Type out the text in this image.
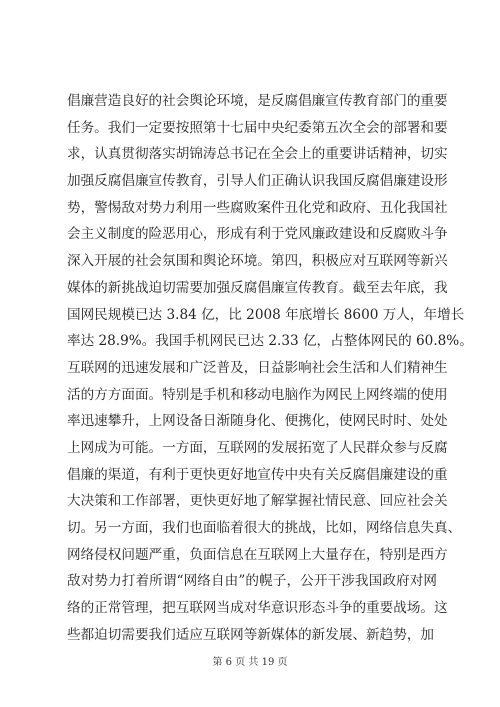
倡廉营造良好的社会舆论环境，是反腐倡廉宣传教育部门的重要
任务。我们一定要按照第十七届中央纪委第五次全会的部署和要
求，认真贯彻落实胡锦涛总书记在全会上的重要讲话精神，切实
加强反腐倡廉宣传教育，引导人们正确认识我国反腐倡廉建设形
势，警惕敌对势力利用一些腐败案件丑化党和政府、丑化我国社
会主义制度的险恶用心，形成有利于党风廉政建设和反腐败斗争
深入开展的社会氛围和舆论环境。第四，积极应对互联网等新兴
媒体的新挑战迫切需要加强反腐倡廉宣传教育。截至去年底，我
国网民规模已达 3.84 亿，比 2008 年底增长 8600 万人，年增长
率达 28.9%。我国手机网民已达 2.33 亿，占整体网民的 60.8%。
互联网的迅速发展和广泛普及，日益影响社会生活和人们精神生
活的方方面面。特别是手机和移动电脑作为网民上网终端的使用
率迅速攀升，上网设备日渐随身化、便携化，使网民时时、处处
上网成为可能。一方面，互联网的发展拓宽了人民群众参与反腐
倡廉的渠道，有利于更快更好地宣传中央有关反腐倡廉建设的重
大决策和工作部署，更快更好地了解掌握社情民意、回应社会关
切。另一方面，我们也面临着很大的挑战，比如，网络信息失真、
网络侵权问题严重，负面信息在互联网上大量存在，特别是西方
敌对势力打着所谓“网络自由”的幌子，公开干涉我国政府对网
络的正常管理，把互联网当成对华意识形态斗争的重要战场。这
些都迫切需要我们适应互联网等新媒体的新发展、新趋势，加
第 6 页 共 19 页
